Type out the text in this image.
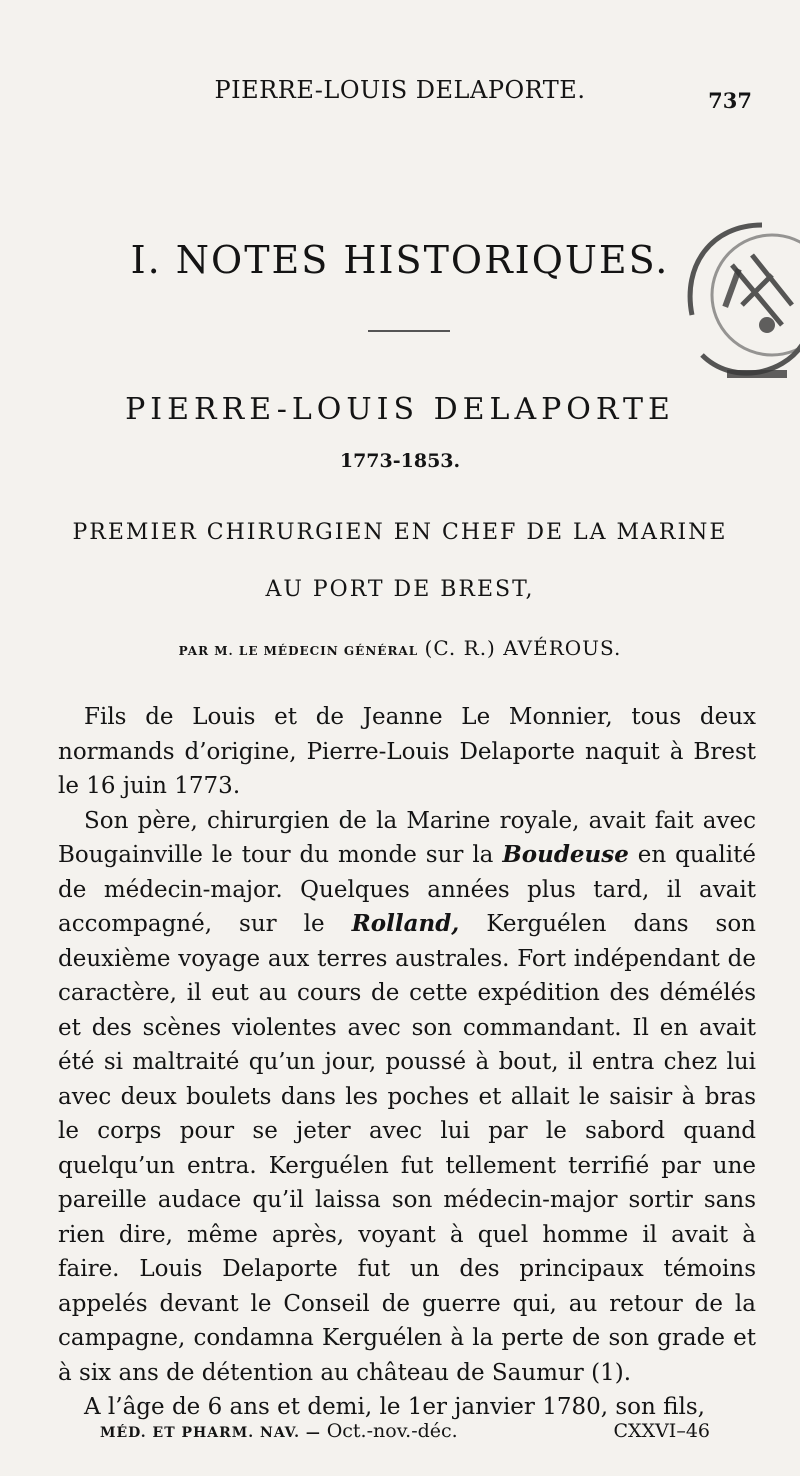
PIERRE-LOUIS DELAPORTE.	737
I. NOTES HISTORIQUES.
PIERRE-LOUIS DELAPORTE
1773-1853.
PREMIER CHIRURGIEN EN CHEF DE LA MARINE
AU PORT DE BREST,
PAR M. LE MÉDECIN GÉNÉRAL (C. R.) AVÉROUS.

Fils de Louis et de Jeanne Le Monnier, tous deux normands d’origine, Pierre-Louis Delaporte naquit à Brest le 16 juin 1773.

Son père, chirurgien de la Marine royale, avait fait avec Bougainville le tour du monde sur la Boudeuse en qualité de médecin-major. Quelques années plus tard, il avait accompagné, sur le Rolland, Kerguélen dans son deuxième voyage aux terres australes. Fort indépendant de caractère, il eut au cours de cette expédition des démélés et des scènes violentes avec son commandant. Il en avait été si maltraité qu’un jour, poussé à bout, il entra chez lui avec deux boulets dans les poches et allait le saisir à bras le corps pour se jeter avec lui par le sabord quand quelqu’un entra. Kerguélen fut tellement terrifié par une pareille audace qu’il laissa son médecin-major sortir sans rien dire, même après, voyant à quel homme il avait à faire. Louis Delaporte fut un des principaux témoins appelés devant le Conseil de guerre qui, au retour de la campagne, condamna Kerguélen à la perte de son grade et à six ans de détention au château de Saumur (1).

A l’âge de 6 ans et demi, le 1er janvier 1780, son fils,

MÉD. ET PHARM. NAV. — Oct.-nov.-déc.	CXXVI–46
